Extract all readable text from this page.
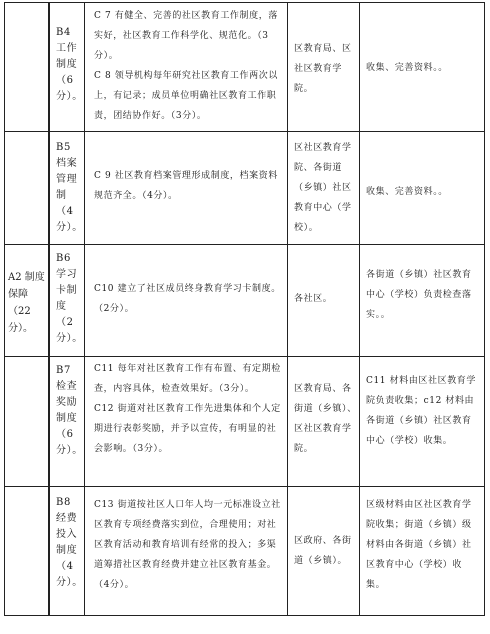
B4 工作制度（6分）。
C 7 有健全、完善的社区教育工作制度，落实好，社区教育工作科学化、规范化。（3分）。
C 8 领导机构每年研究社区教育工作两次以上，有记录；成员单位明确社区教育工作职责，团结协作好。（3分）。
区教育局、区社区教育学院。
收集、完善资料。。
B5 档案管理制（4分）。
C 9 社区教育档案管理形成制度，档案资料规范齐全。（4分）。
区社区教育学院、各街道（乡镇）社区教育中心（学校）。
收集、完善资料。。
B6 学习卡制度（2分）。
C10 建立了社区成员终身教育学习卡制度。（2分）。
各社区。
各街道（乡镇）社区教育中心（学校）负责检查落实。。
B7 检查奖励制度（6分）。
C11 每年对社区教育工作有布置、有定期检查，内容具体，检查效果好。（3分）。
C12 街道对社区教育工作先进集体和个人定期进行表彰奖励，并予以宣传，有明显的社会影响。（3分）。
区教育局、各街道（乡镇）、区社区教育学院。
C11 材料由区社区教育学院负责收集；c12 材料由各街道（乡镇）社区教育中心（学校）收集。
B8 经费投入制度（4分）。
C13 街道按社区人口年人均一元标准设立社区教育专项经费落实到位，合理使用；对社区教育活动和教育培训有经常的投入；多渠道筹措社区教育经费并建立社区教育基金。（4分）。
区政府、各街道（乡镇）。
区级材料由区社区教育学院收集；街道（乡镇）级材料由各街道（乡镇）社区教育中心（学校）收集。
A2 制度保障（22分）。
